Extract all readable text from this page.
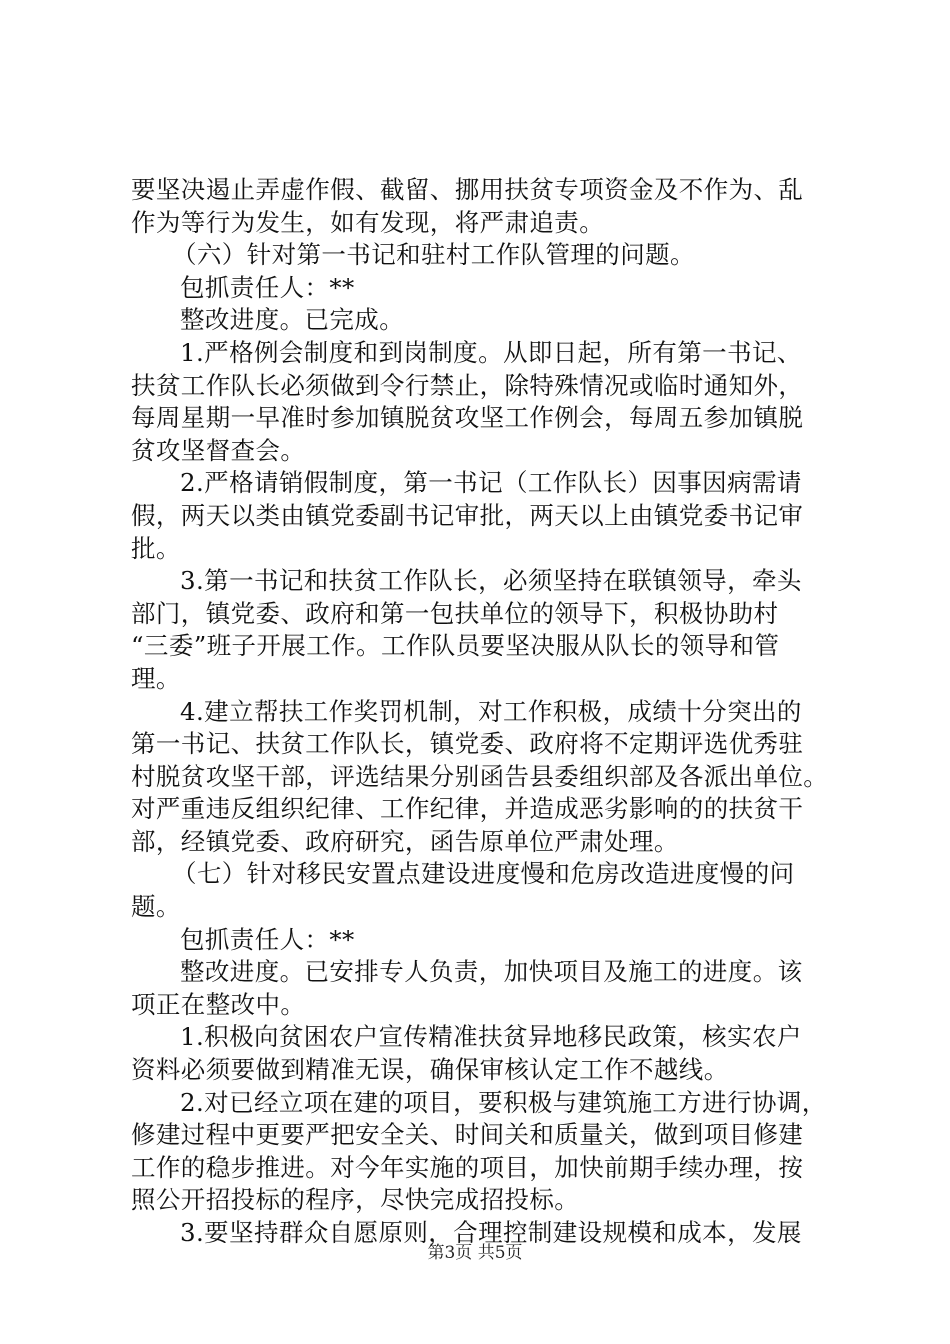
要坚决遏止弄虚作假、截留、挪用扶贫专项资金及不作为、乱
作为等行为发生，如有发现，将严肃追责。
（六）针对第一书记和驻村工作队管理的问题。
包抓责任人：**
整改进度。已完成。
1.严格例会制度和到岗制度。从即日起，所有第一书记、
扶贫工作队长必须做到令行禁止，除特殊情况或临时通知外，
每周星期一早准时参加镇脱贫攻坚工作例会，每周五参加镇脱
贫攻坚督查会。
2.严格请销假制度，第一书记（工作队长）因事因病需请
假，两天以类由镇党委副书记审批，两天以上由镇党委书记审
批。
3.第一书记和扶贫工作队长，必须坚持在联镇领导，牵头
部门，镇党委、政府和第一包扶单位的领导下，积极协助村
“三委”班子开展工作。工作队员要坚决服从队长的领导和管
理。
4.建立帮扶工作奖罚机制，对工作积极，成绩十分突出的
第一书记、扶贫工作队长，镇党委、政府将不定期评选优秀驻
村脱贫攻坚干部，评选结果分别函告县委组织部及各派出单位。
对严重违反组织纪律、工作纪律，并造成恶劣影响的的扶贫干
部，经镇党委、政府研究，函告原单位严肃处理。
（七）针对移民安置点建设进度慢和危房改造进度慢的问
题。
包抓责任人：**
整改进度。已安排专人负责，加快项目及施工的进度。该
项正在整改中。
1.积极向贫困农户宣传精准扶贫异地移民政策，核实农户
资料必须要做到精准无误，确保审核认定工作不越线。
2.对已经立项在建的项目，要积极与建筑施工方进行协调，
修建过程中更要严把安全关、时间关和质量关，做到项目修建
工作的稳步推进。对今年实施的项目，加快前期手续办理，按
照公开招投标的程序，尽快完成招投标。
3.要坚持群众自愿原则，合理控制建设规模和成本，发展
第3页 共5页
